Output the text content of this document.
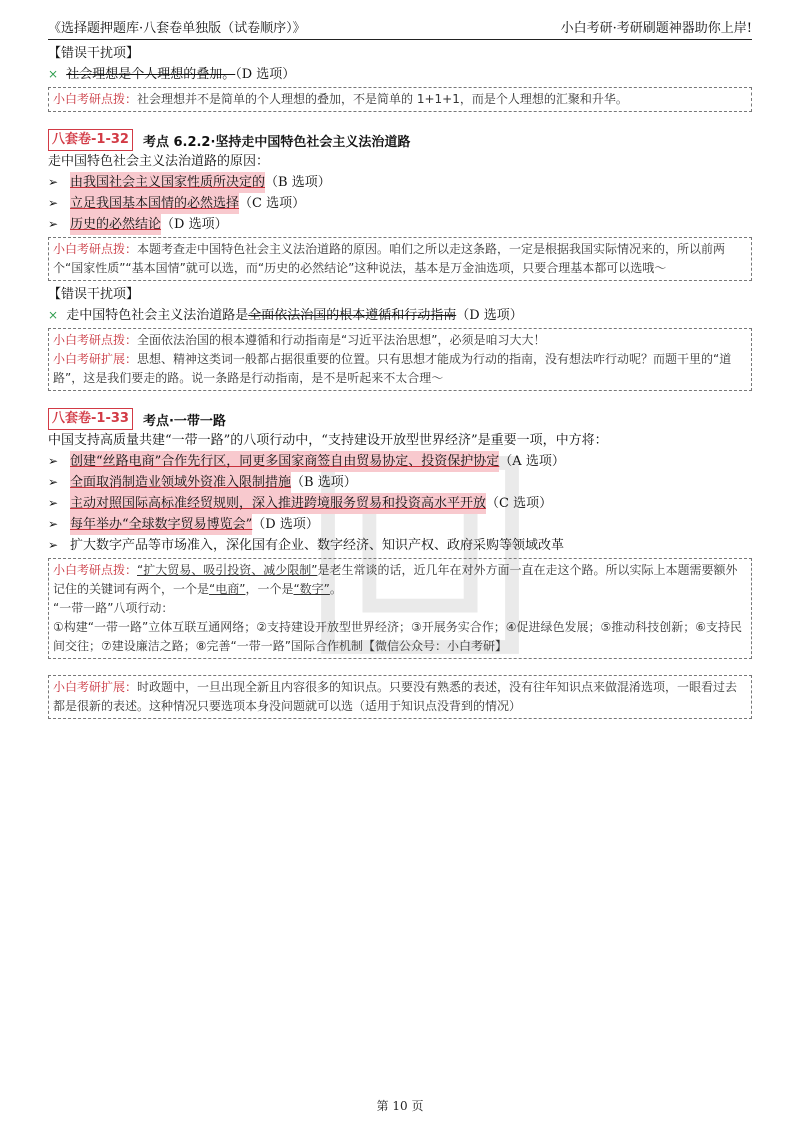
《选择题押题库·八套卷单独版（试卷顺序）》	小白考研·考研刷题神器助你上岸!
【错误干扰项】
× 社会理想是个人理想的叠加。（D 选项）
小白考研点拨：社会理想并不是简单的个人理想的叠加，不是简单的 1+1+1，而是个人理想的汇聚和升华。
八套卷-1-32	考点 6.2.2·坚持走中国特色社会主义法治道路
走中国特色社会主义法治道路的原因：
➢ 由我国社会主义国家性质所决定的 （B 选项）
➢ 立足我国基本国情的必然选择 （C 选项）
➢ 历史的必然结论 （D 选项）
小白考研点拨：本题考查走中国特色社会主义法治道路的原因。咱们之所以走这条路，一定是根据我国实际情况来的，所以前两个“国家性质”“基本国情”就可以选，而“历史的必然结论”这种说法，基本是万金油选项，只要合理基本都可以选哦～
【错误干扰项】
× 走中国特色社会主义法治道路是全面依法治国的根本遵循和行动指南（D 选项）
小白考研点拨：全面依法治国的根本遵循和行动指南是“习近平法治思想”，必须是咱习大大！
小白考研扩展：思想、精神这类词一般都占据很重要的位置。只有思想才能成为行动的指南，没有想法咋行动呢？而题干里的“道路”，这是我们要走的路。说一条路是行动指南，是不是听起来不太合理～
八套卷-1-33	考点·一带一路
中国支持高质量共建“一带一路”的八项行动中，“支持建设开放型世界经济”是重要一项，中方将：
➢ 创建“丝路电商”合作先行区，同更多国家商签自由贸易协定、投资保护协定 （A 选项）
➢ 全面取消制造业领域外资准入限制措施 （B 选项）
➢ 主动对照国际高标准经贸规则，深入推进跨境服务贸易和投资高水平开放 （C 选项）
➢ 每年举办“全球数字贸易博览会” （D 选项）
➢ 扩大数字产品等市场准入，深化国有企业、数字经济、知识产权、政府采购等领域改革
小白考研点拨：“扩大贸易、吸引投资、减少限制”是老生常谈的话，近几年在对外方面一直在走这个路。所以实际上本题需要额外记住的关键词有两个，一个是“电商”，一个是“数字”。
“一带一路”八项行动：
①构建“一带一路”立体互联互通网络；②支持建设开放型世界经济；③开展务实合作；④促进绿色发展；⑤推动科技创新；⑥支持民间交往；⑦建设廉洁之路；⑧完善“一带一路”国际合作机制【微信公众号：小白考研】
小白考研扩展：时政题中，一旦出现全新且内容很多的知识点。只要没有熟悉的表述，没有往年知识点来做混淆选项，一眼看过去都是很新的表述。这种情况只要选项本身没问题就可以选（适用于知识点没背到的情况）
第 10 页
